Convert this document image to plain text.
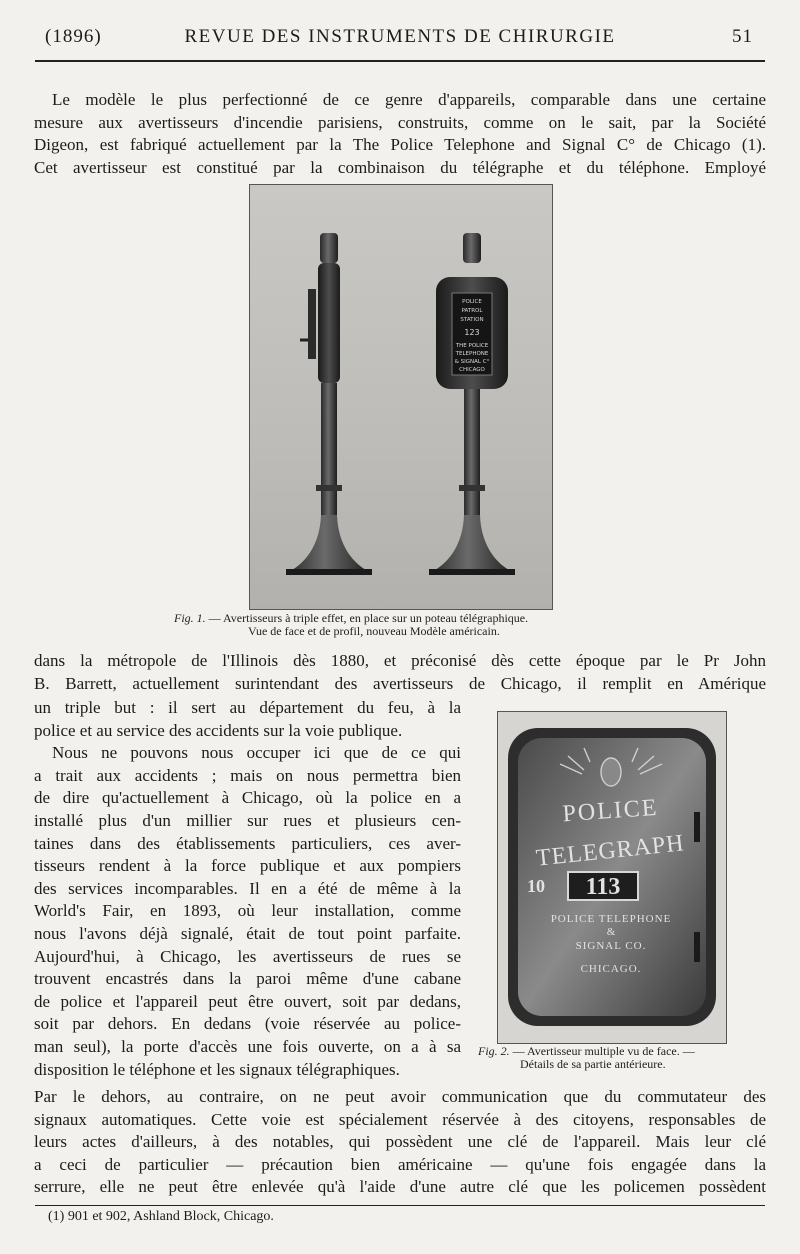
(1896)	REVUE DES INSTRUMENTS DE CHIRURGIE	51
Le modèle le plus perfectionné de ce genre d'appareils, comparable dans une certaine
mesure aux avertisseurs d'incendie parisiens, construits, comme on le sait, par la Société
Digeon, est fabriqué actuellement par la The Police Telephone and Signal C° de Chicago (1).
Cet avertisseur est constitué par la combinaison du télégraphe et du téléphone. Employé
POLICE
PATROL
STATION
123
THE POLICE
TELEPHONE
& SIGNAL C°
CHICAGO
Fig. 1. — Avertisseurs à triple effet, en place sur un poteau télégraphique.
Vue de face et de profil, nouveau Modèle américain.
dans la métropole de l'Illinois dès 1880, et préconisé dès cette époque par le Pr John
B. Barrett, actuellement surintendant des avertisseurs de Chicago, il remplit en Amérique
un triple but : il sert au département du feu, à la
police et au service des accidents sur la voie publique.
Nous ne pouvons nous occuper ici que de ce qui
a trait aux accidents ; mais on nous permettra bien
de dire qu'actuellement à Chicago, où la police en a
installé plus d'un millier sur rues et plusieurs cen-
taines dans des établissements particuliers, ces aver-
tisseurs rendent à la force publique et aux pompiers
des services incomparables. Il en a été de même à la
World's Fair, en 1893, où leur installation, comme
nous l'avons déjà signalé, était de tout point parfaite.
Aujourd'hui, à Chicago, les avertisseurs de rues se
trouvent encastrés dans la paroi même d'une cabane
de police et l'appareil peut être ouvert, soit par dedans,
soit par dehors. En dedans (voie réservée au police-
man seul), la porte d'accès une fois ouverte, on a à sa
disposition le téléphone et les signaux télégraphiques.
POLICE
TELEGRAPH
10 113
POLICE TELEPHONE
&
SIGNAL CO.
CHICAGO.
Fig. 2. — Avertisseur multiple vu de face. —
Détails de sa partie antérieure.
Par le dehors, au contraire, on ne peut avoir communication que du commutateur des
signaux automatiques. Cette voie est spécialement réservée à des citoyens, responsables de
leurs actes d'ailleurs, à des notables, qui possèdent une clé de l'appareil. Mais leur clé
a ceci de particulier — précaution bien américaine — qu'une fois engagée dans la
serrure, elle ne peut être enlevée qu'à l'aide d'une autre clé que les policemen possèdent
(1) 901 et 902, Ashland Block, Chicago.
